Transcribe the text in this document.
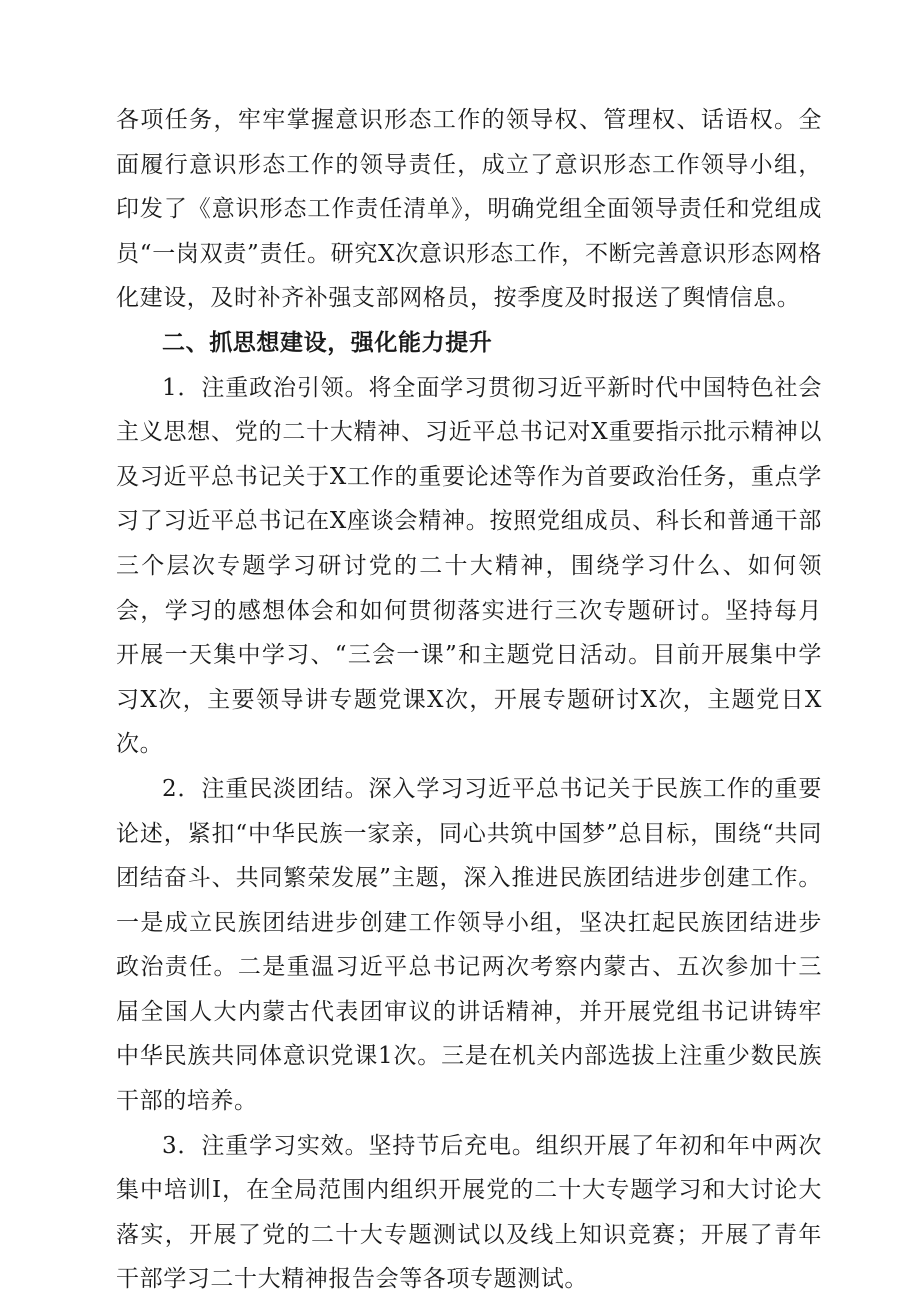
各项任务，牢牢掌握意识形态工作的领导权、管理权、话语权。全面履行意识形态工作的领导责任，成立了意识形态工作领导小组，印发了《意识形态工作责任清单》，明确党组全面领导责任和党组成员“一岗双责”责任。研究X次意识形态工作，不断完善意识形态网格化建设，及时补齐补强支部网格员，按季度及时报送了舆情信息。

二、抓思想建设，强化能力提升

1．注重政治引领。将全面学习贯彻习近平新时代中国特色社会主义思想、党的二十大精神、习近平总书记对X重要指示批示精神以及习近平总书记关于X工作的重要论述等作为首要政治任务，重点学习了习近平总书记在X座谈会精神。按照党组成员、科长和普通干部三个层次专题学习研讨党的二十大精神，围绕学习什么、如何领会，学习的感想体会和如何贯彻落实进行三次专题研讨。坚持每月开展一天集中学习、“三会一课”和主题党日活动。目前开展集中学习X次，主要领导讲专题党课X次，开展专题研讨X次，主题党日X次。

2．注重民淡团结。深入学习习近平总书记关于民族工作的重要论述，紧扣“中华民族一家亲，同心共筑中国梦”总目标，围绕“共同团结奋斗、共同繁荣发展”主题，深入推进民族团结进步创建工作。一是成立民族团结进步创建工作领导小组，坚决扛起民族团结进步政治责任。二是重温习近平总书记两次考察内蒙古、五次参加十三届全国人大内蒙古代表团审议的讲话精神，并开展党组书记讲铸牢中华民族共同体意识党课1次。三是在机关内部选拔上注重少数民族干部的培养。

3．注重学习实效。坚持节后充电。组织开展了年初和年中两次集中培训I，在全局范围内组织开展党的二十大专题学习和大讨论大落实，开展了党的二十大专题测试以及线上知识竞赛；开展了青年干部学习二十大精神报告会等各项专题测试。
